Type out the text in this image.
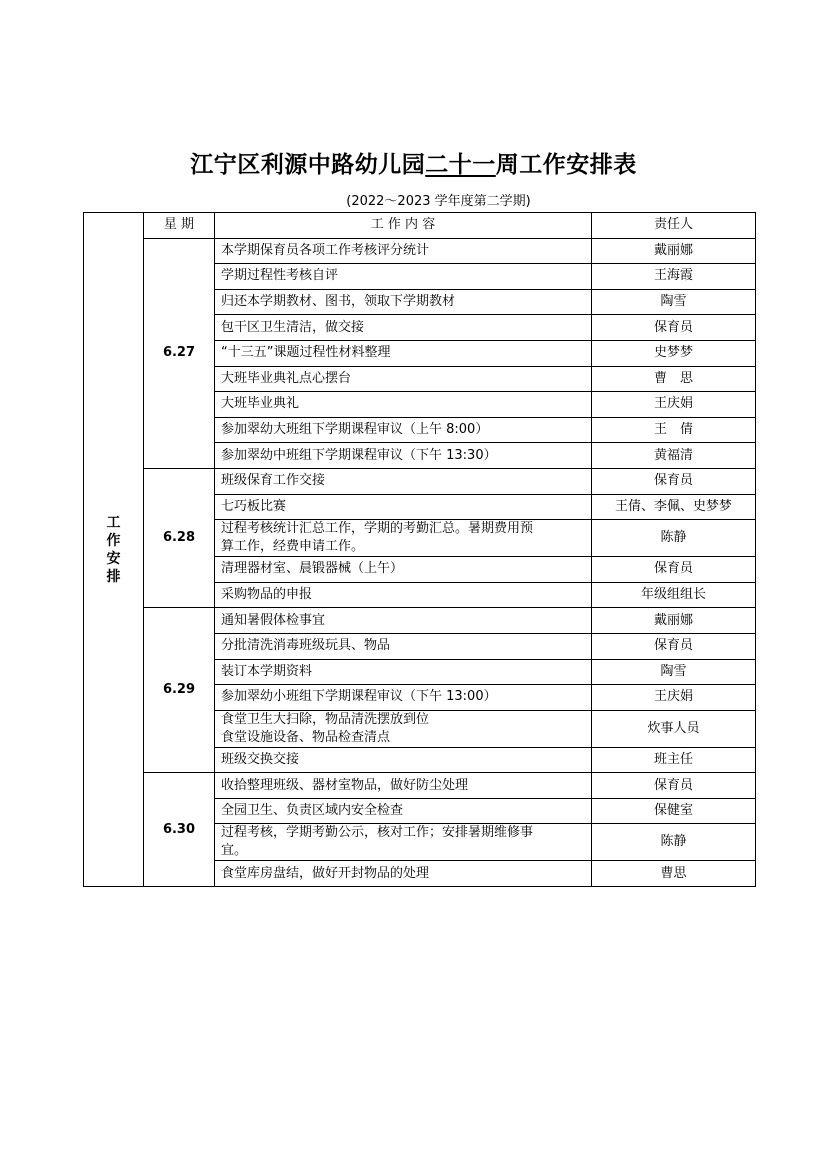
江宁区利源中路幼儿园二十一周工作安排表
(2022～2023 学年度第二学期)
工
作
安
排	星 期	工 作 内 容	责任人
	6.27	本学期保育员各项工作考核评分统计	戴丽娜

		学期过程性考核自评	王海霞

		归还本学期教材、图书，领取下学期教材	陶雪

		包干区卫生清洁，做交接	保育员

		“十三五”课题过程性材料整理	史梦梦

		大班毕业典礼点心摆台	曹　思

		大班毕业典礼	王庆娟

		参加翠幼大班组下学期课程审议（上午 8:00）	王　倩

		参加翠幼中班组下学期课程审议（下午 13:30）	黄福清
	6.28	班级保育工作交接	保育员

		七巧板比赛	王倩、李佩、史梦梦

		过程考核统计汇总工作，学期的考勤汇总。暑期费用预
算工作，经费申请工作。	陈静

		清理器材室、晨锻器械（上午）	保育员

		采购物品的申报	年级组组长
	6.29	通知暑假体检事宜	戴丽娜

		分批清洗消毒班级玩具、物品	保育员

		装订本学期资料	陶雪

		参加翠幼小班组下学期课程审议（下午 13:00）	王庆娟

		食堂卫生大扫除，物品清洗摆放到位
食堂设施设备、物品检查清点	炊事人员

		班级交换交接	班主任
	6.30	收拾整理班级、器材室物品，做好防尘处理	保育员

		全园卫生、负责区域内安全检查	保健室

		过程考核，学期考勤公示，核对工作；安排暑期维修事
宜。	陈静

		食堂库房盘结，做好开封物品的处理	曹思
